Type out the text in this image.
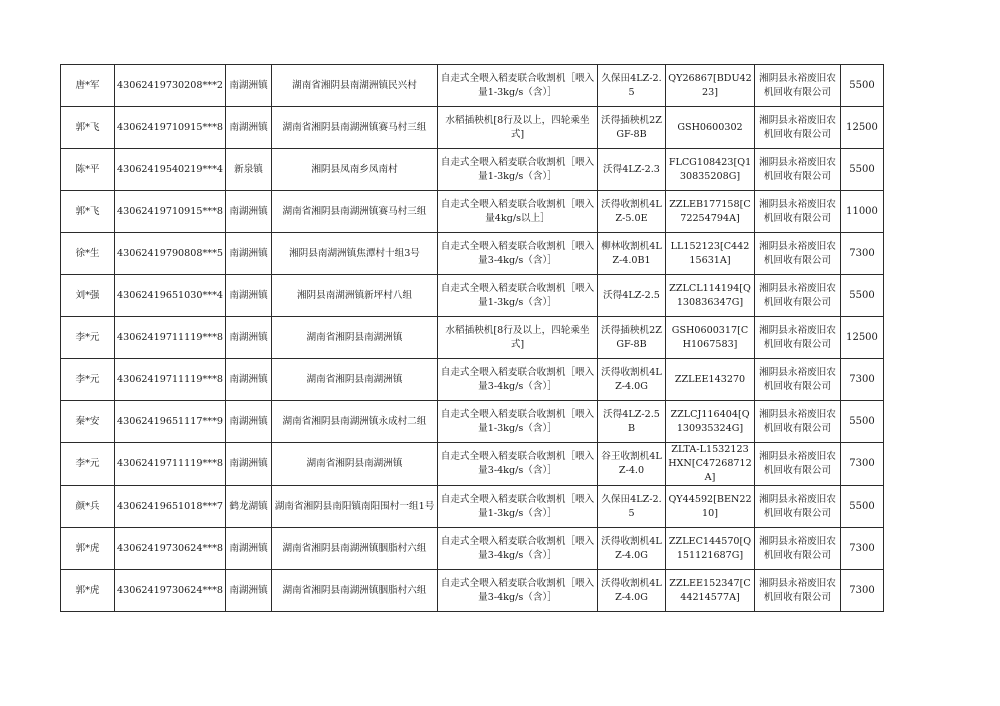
唐*军	43062419730208***2	南湖洲镇	湖南省湘阴县南湖洲镇民兴村	自走式全喂入稻麦联合收割机［喂入量1-3kg/s（含）］	久保田4LZ-2.5	QY26867[BDU4223]	湘阴县永裕废旧农机回收有限公司	5500
郭*飞	43062419710915***8	南湖洲镇	湖南省湘阴县南湖洲镇赛马村三组	水稻插秧机[8行及以上，四轮乘坐式]	沃得插秧机2ZGF-8B	GSH0600302	湘阴县永裕废旧农机回收有限公司	12500
陈*平	43062419540219***4	新泉镇	湘阴县凤南乡凤南村	自走式全喂入稻麦联合收割机［喂入量1-3kg/s（含）］	沃得4LZ-2.3	FLCG108423[Q130835208G]	湘阴县永裕废旧农机回收有限公司	5500
郭*飞	43062419710915***8	南湖洲镇	湖南省湘阴县南湖洲镇赛马村三组	自走式全喂入稻麦联合收割机［喂入量4kg/s以上］	沃得收割机4LZ-5.0E	ZZLEB177158[C72254794A]	湘阴县永裕废旧农机回收有限公司	11000
徐*生	43062419790808***5	南湖洲镇	湘阴县南湖洲镇焦潭村十组3号	自走式全喂入稻麦联合收割机［喂入量3-4kg/s（含）］	柳林收割机4LZ-4.0B1	LL152123[C44215631A]	湘阴县永裕废旧农机回收有限公司	7300
刘*强	43062419651030***4	南湖洲镇	湘阴县南湖洲镇新坪村八组	自走式全喂入稻麦联合收割机［喂入量1-3kg/s（含）］	沃得4LZ-2.5	ZZLCL114194[Q130836347G]	湘阴县永裕废旧农机回收有限公司	5500
李*元	43062419711119***8	南湖洲镇	湖南省湘阴县南湖洲镇	水稻插秧机[8行及以上，四轮乘坐式]	沃得插秧机2ZGF-8B	GSH0600317[CH1067583]	湘阴县永裕废旧农机回收有限公司	12500
李*元	43062419711119***8	南湖洲镇	湖南省湘阴县南湖洲镇	自走式全喂入稻麦联合收割机［喂入量3-4kg/s（含）］	沃得收割机4LZ-4.0G	ZZLEE143270	湘阴县永裕废旧农机回收有限公司	7300
秦*安	43062419651117***9	南湖洲镇	湖南省湘阴县南湖洲镇永成村二组	自走式全喂入稻麦联合收割机［喂入量1-3kg/s（含）］	沃得4LZ-2.5B	ZZLCJ116404[Q130935324G]	湘阴县永裕废旧农机回收有限公司	5500
李*元	43062419711119***8	南湖洲镇	湖南省湘阴县南湖洲镇	自走式全喂入稻麦联合收割机［喂入量3-4kg/s（含）］	谷王收割机4LZ-4.0	ZLTA-L1532123HXN[C47268712A]	湘阴县永裕废旧农机回收有限公司	7300
颜*兵	43062419651018***7	鹤龙湖镇	湖南省湘阴县南阳镇南阳围村一组1号	自走式全喂入稻麦联合收割机［喂入量1-3kg/s（含）］	久保田4LZ-2.5	QY44592[BEN2210]	湘阴县永裕废旧农机回收有限公司	5500
郭*虎	43062419730624***8	南湖洲镇	湖南省湘阴县南湖洲镇胭脂村六组	自走式全喂入稻麦联合收割机［喂入量3-4kg/s（含）］	沃得收割机4LZ-4.0G	ZZLEC144570[Q151121687G]	湘阴县永裕废旧农机回收有限公司	7300
郭*虎	43062419730624***8	南湖洲镇	湖南省湘阴县南湖洲镇胭脂村六组	自走式全喂入稻麦联合收割机［喂入量3-4kg/s（含）］	沃得收割机4LZ-4.0G	ZZLEE152347[C44214577A]	湘阴县永裕废旧农机回收有限公司	7300
